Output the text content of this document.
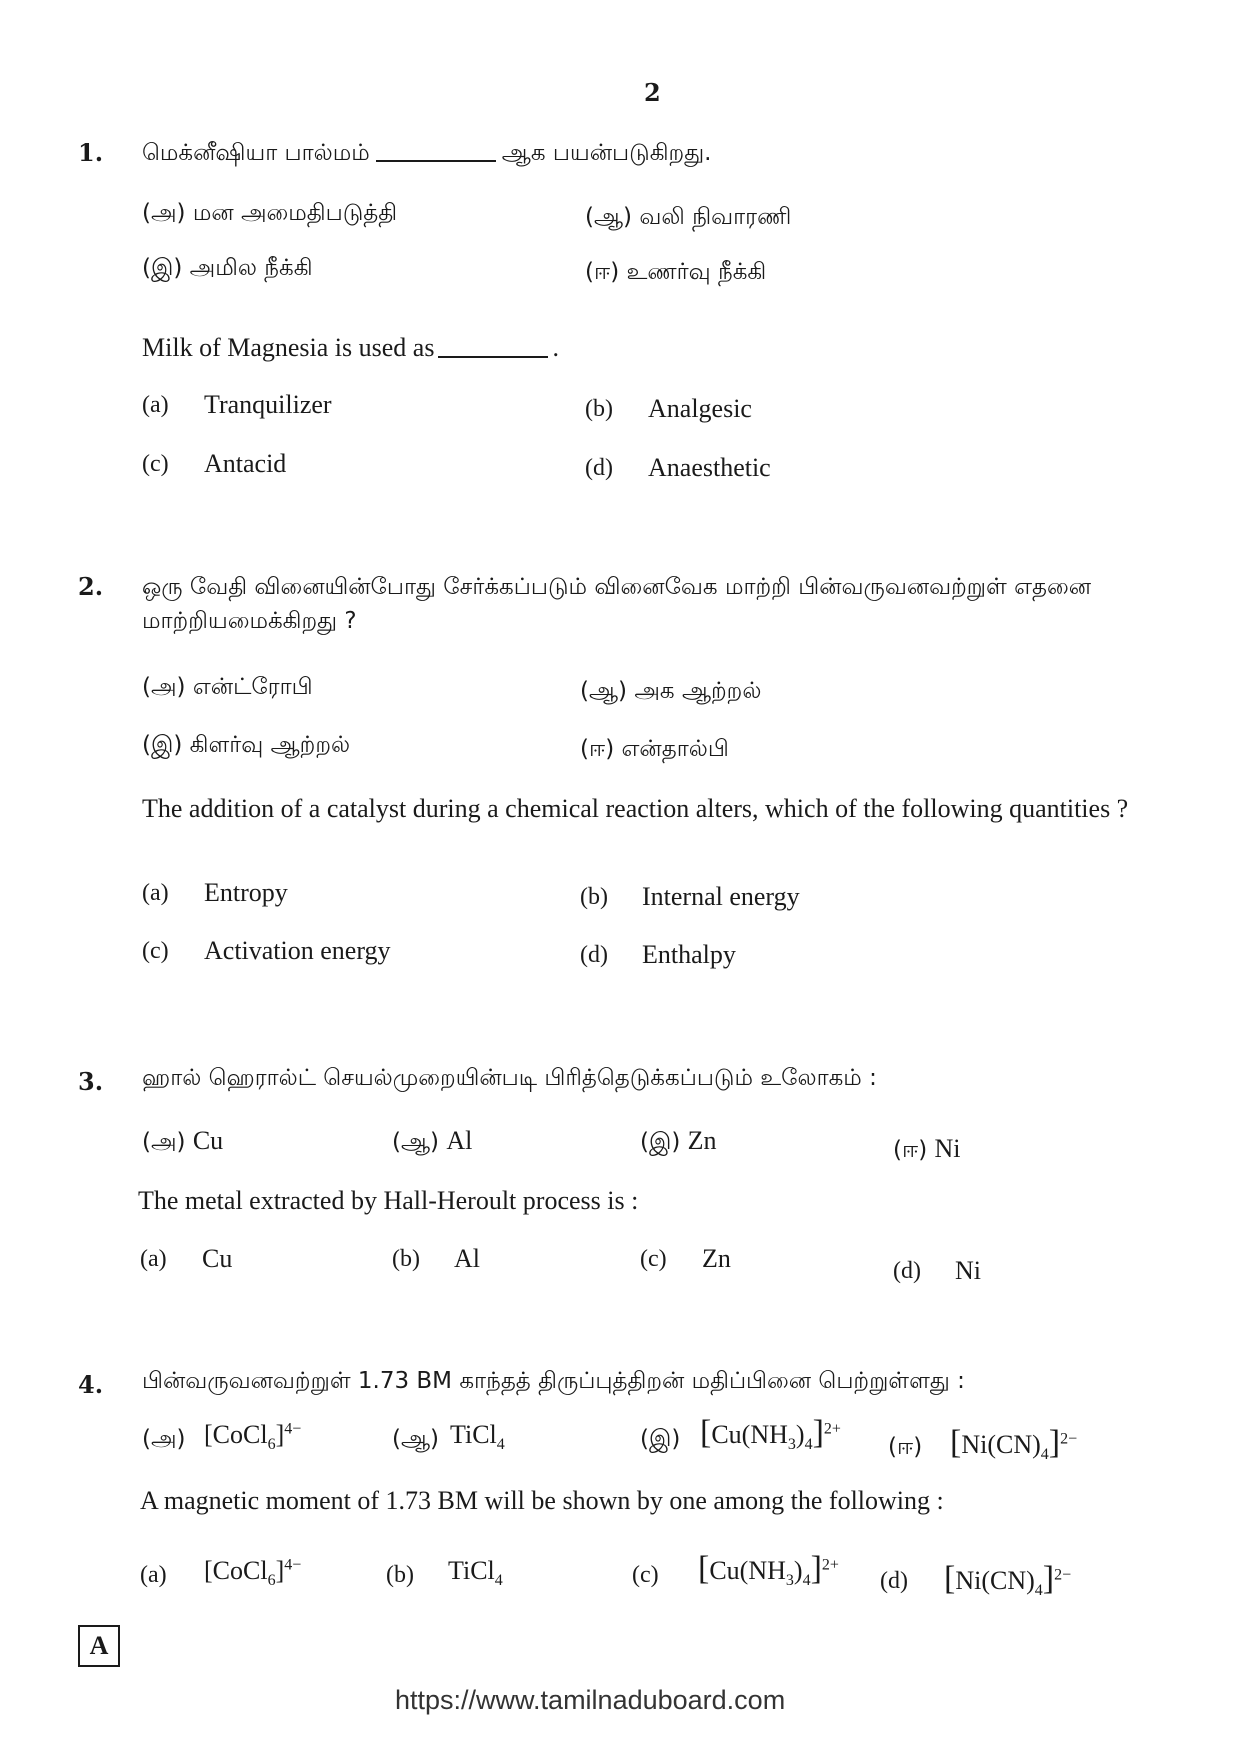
2
1. மெக்னீஷியா பால்மம்	ஆக பயன்படுகிறது.
(அ) மன அமைதிபடுத்தி	(ஆ) வலி நிவாரணி
(இ) அமில நீக்கி	(ஈ) உணர்வு நீக்கி
Milk of Magnesia is used as	.
(a) Tranquilizer	(b) Analgesic
(c) Antacid	(d) Anaesthetic
2. ஒரு வேதி வினையின்போது சேர்க்கப்படும் வினைவேக மாற்றி பின்வருவனவற்றுள் எதனை மாற்றியமைக்கிறது ?
(அ) என்ட்ரோபி	(ஆ) அக ஆற்றல்
(இ) கிளர்வு ஆற்றல்	(ஈ) என்தால்பி
The addition of a catalyst during a chemical reaction alters, which of the following quantities ?
(a) Entropy	(b) Internal energy
(c) Activation energy	(d) Enthalpy
3. ஹால் ஹெரால்ட் செயல்முறையின்படி பிரித்தெடுக்கப்படும் உலோகம் :
(அ) Cu	(ஆ) Al	(இ) Zn	(ஈ) Ni
The metal extracted by Hall-Heroult process is :
(a) Cu	(b) Al	(c) Zn	(d) Ni
4. பின்வருவனவற்றுள் 1.73 BM காந்தத் திருப்புத்திறன் மதிப்பினை பெற்றுள்ளது :
(அ) [CoCl$_6$]$^{4-}$	(ஆ) TiCl$_4$	(இ) $[Cu(NH_3)_4]^{2+}$
(ஈ) $[Ni(CN)_4]^{2-}$
A magnetic moment of 1.73 BM will be shown by one among the following :
(a) [CoCl$_6$]$^{4-}$	(b) TiCl$_4$	(c) $[Cu(NH_3)_4]^{2+}$
(d) $[Ni(CN)_4]^{2-}$
A
https://www.tamilnaduboard.com
